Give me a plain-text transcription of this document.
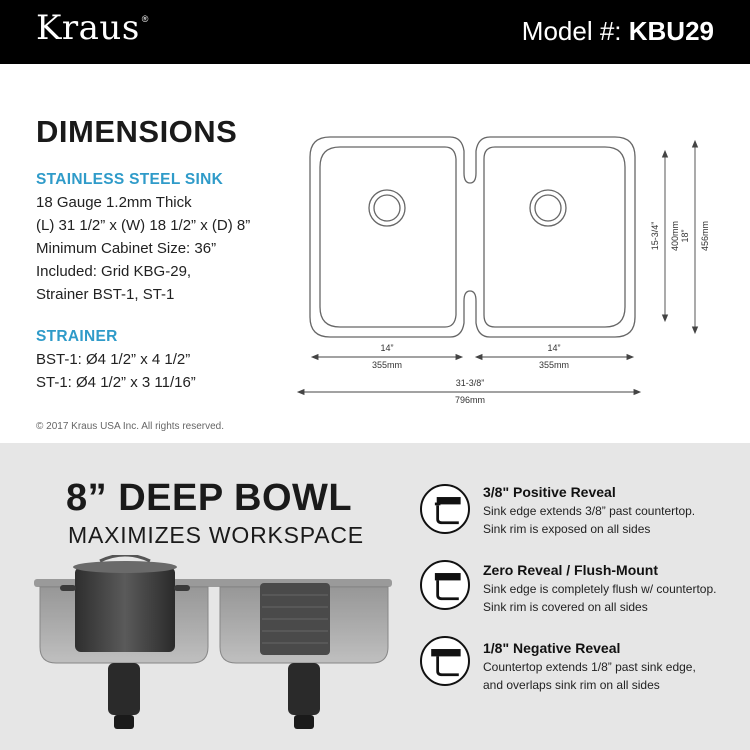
Kraus ®	Model #: KBU29
DIMENSIONS
STAINLESS STEEL SINK
18 Gauge 1.2mm Thick
(L) 31 1/2” x (W) 18 1/2” x (D) 8”
Minimum Cabinet Size: 36”
Included: Grid KBG-29,
Strainer BST-1, ST-1
STRAINER
BST-1: Ø4 1/2” x 4 1/2”
ST-1: Ø4 1/2” x 3 11/16”
© 2017 Kraus USA Inc. All rights reserved.
14”
355mm
14”
355mm
31-3/8”
796mm
15-3/4” 400mm 18” 456mm
8” DEEP BOWL
MAXIMIZES WORKSPACE
3/8" Positive Reveal
Sink edge extends 3/8” past countertop.
Sink rim is exposed on all sides
Zero Reveal / Flush-Mount
Sink edge is completely flush w/ countertop.
Sink rim is covered on all sides
1/8" Negative Reveal
Countertop extends 1/8” past sink edge,
and overlaps sink rim on all sides
